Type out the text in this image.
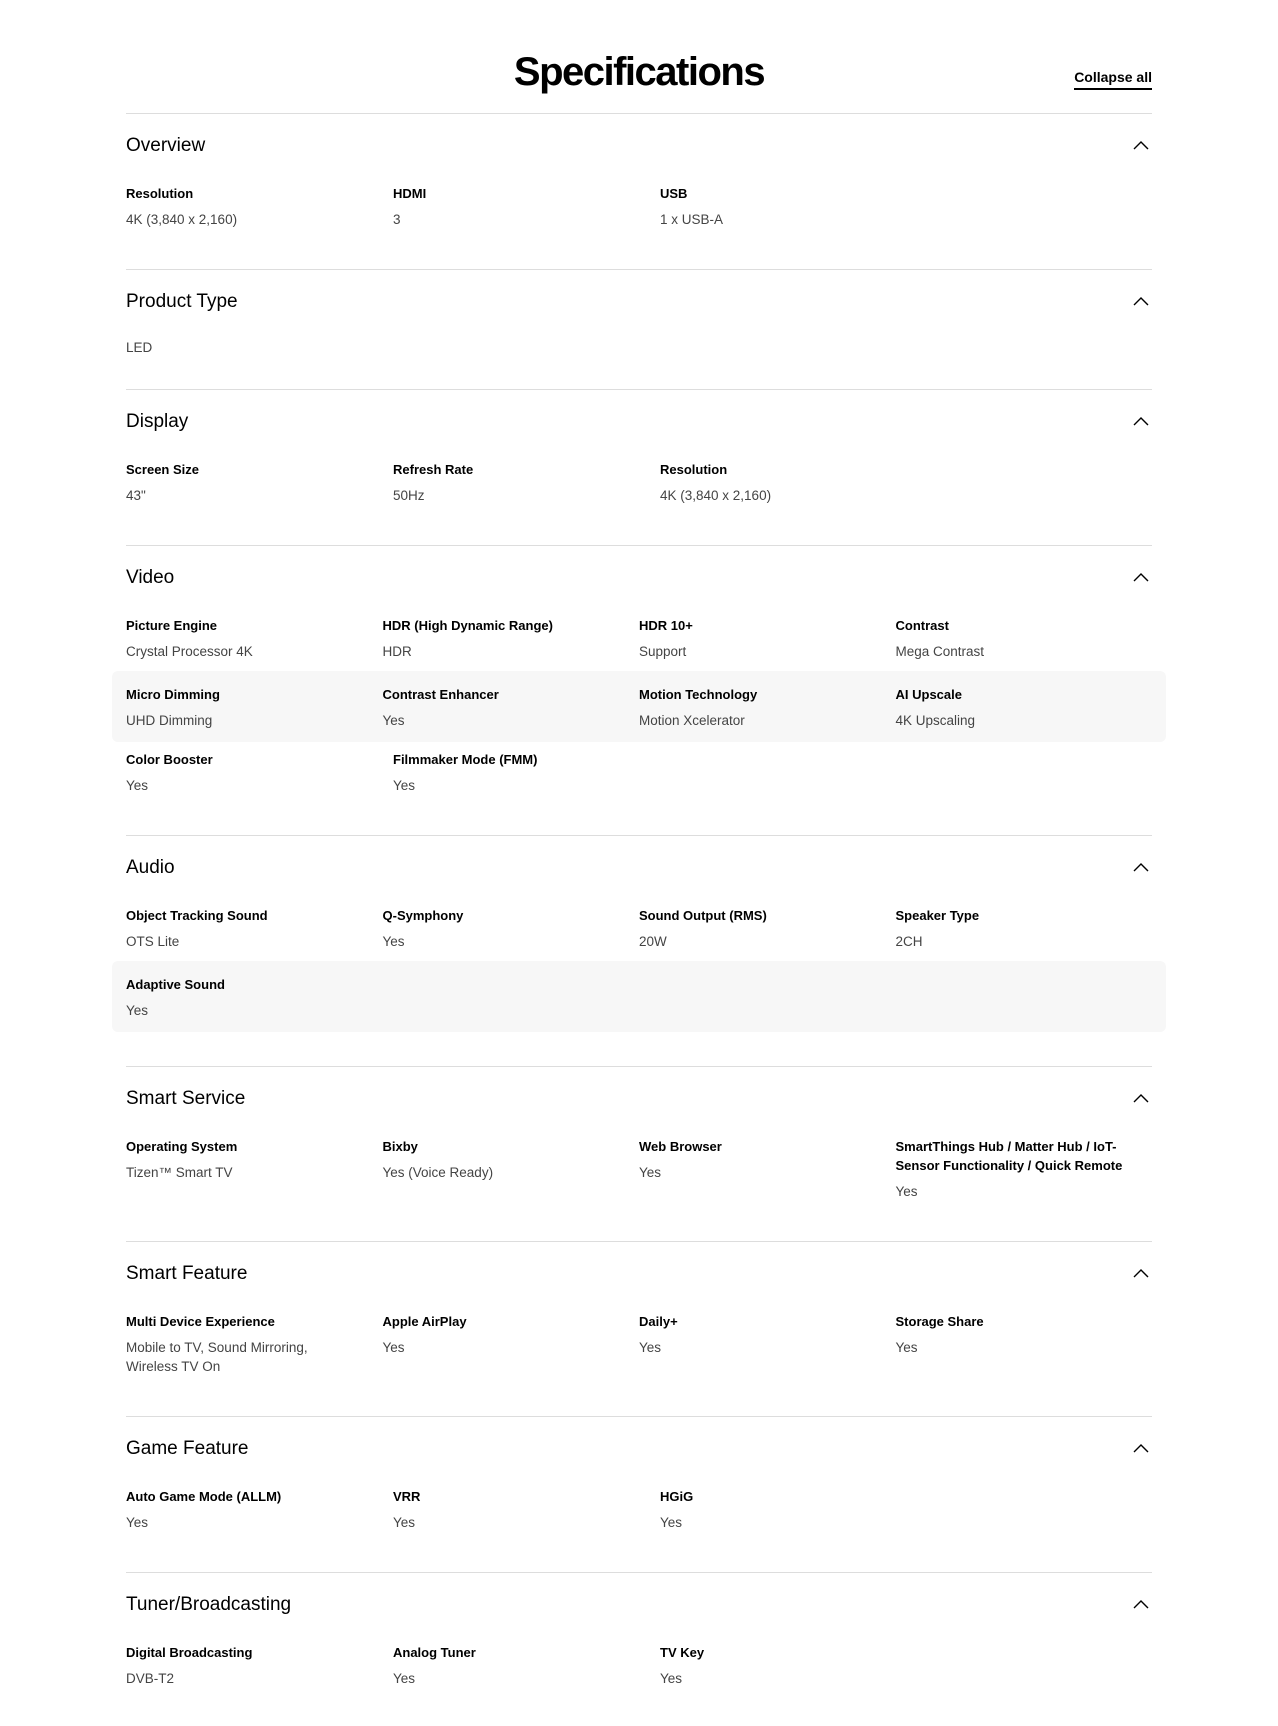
Specifications	Collapse all
Overview
Resolution
4K (3,840 x 2,160)
HDMI
3
USB
1 x USB-A
Product Type
LED
Display
Screen Size
43"
Refresh Rate
50Hz
Resolution
4K (3,840 x 2,160)
Video
Picture Engine
Crystal Processor 4K
HDR (High Dynamic Range)
HDR
HDR 10+
Support
Contrast
Mega Contrast
Micro Dimming
UHD Dimming
Contrast Enhancer
Yes
Motion Technology
Motion Xcelerator
AI Upscale
4K Upscaling
Color Booster
Yes
Filmmaker Mode (FMM)
Yes
Audio
Object Tracking Sound
OTS Lite
Q-Symphony
Yes
Sound Output (RMS)
20W
Speaker Type
2CH
Adaptive Sound
Yes
Smart Service
Operating System
Tizen™ Smart TV
Bixby
Yes (Voice Ready)
Web Browser
Yes
SmartThings Hub / Matter Hub / IoT-Sensor Functionality / Quick Remote
Yes
Smart Feature
Multi Device Experience
Mobile to TV, Sound Mirroring, Wireless TV On
Apple AirPlay
Yes
Daily+
Yes
Storage Share
Yes
Game Feature
Auto Game Mode (ALLM)
Yes
VRR
Yes
HGiG
Yes
Tuner/Broadcasting
Digital Broadcasting
DVB-T2
Analog Tuner
Yes
TV Key
Yes
